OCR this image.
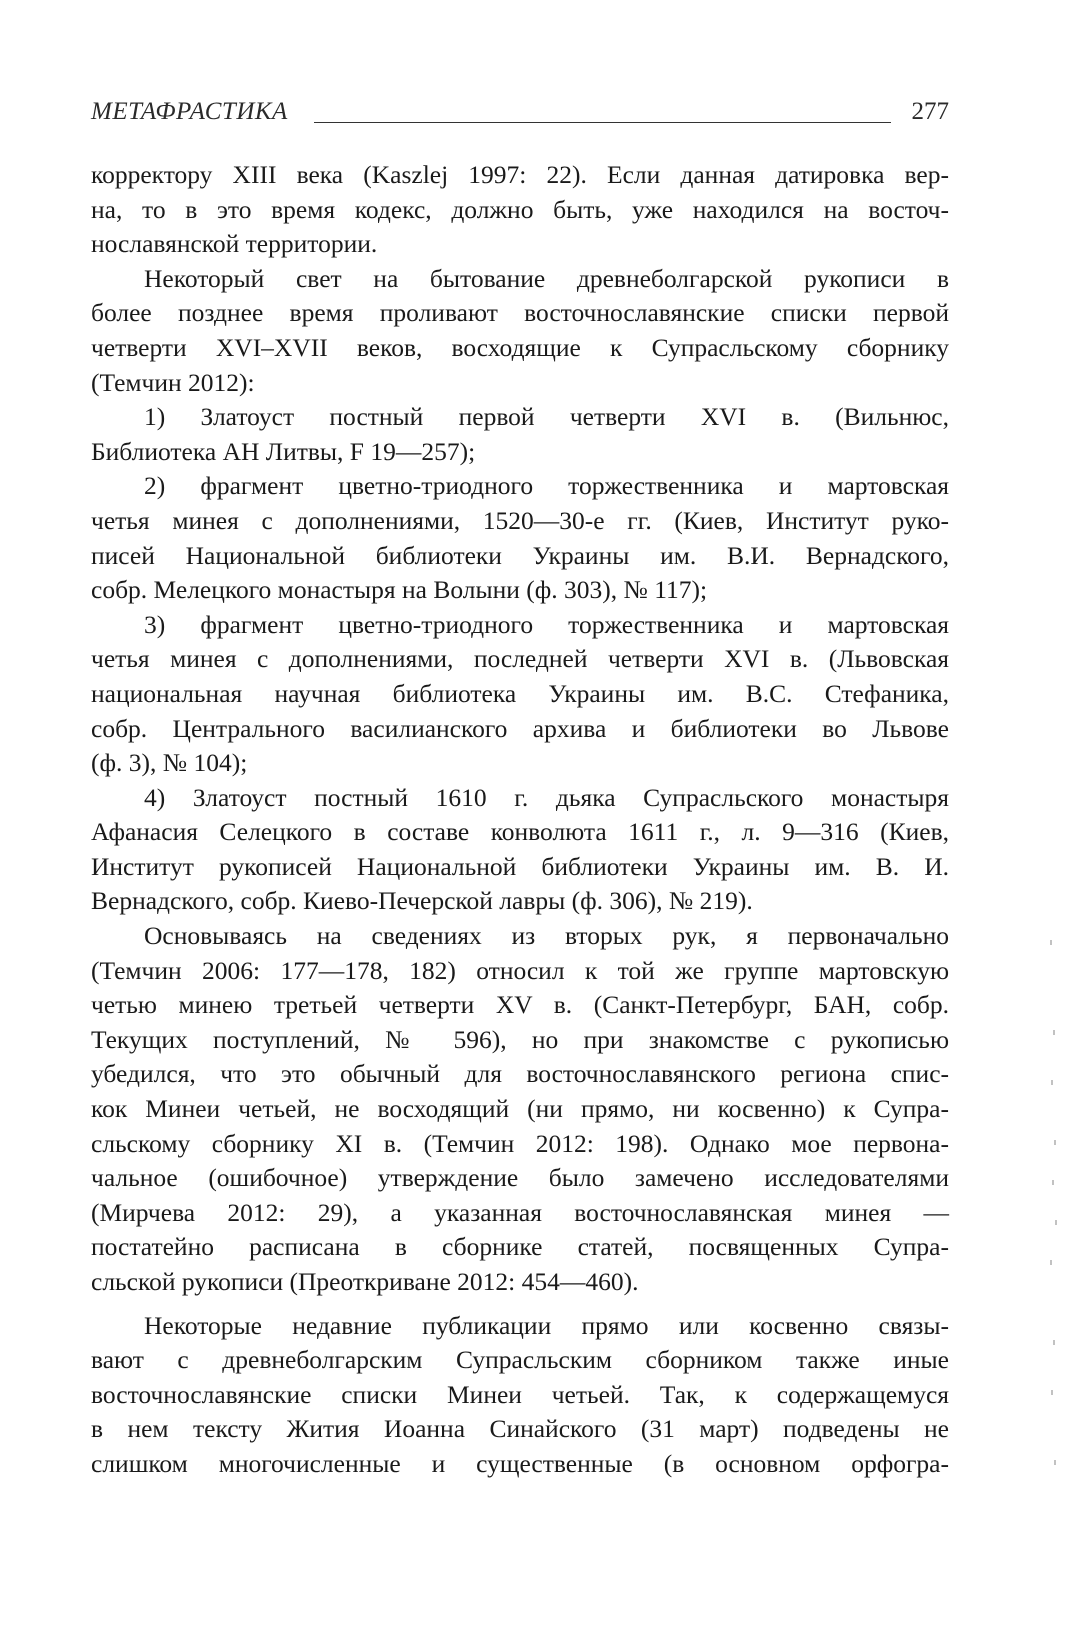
МЕТАФРАСТИКА	277
корректору XIII века (Kaszlej 1997: 22). Если данная датировка вер-
на, то в это время кодекс, должно быть, уже находился на восточ-
нославянской территории.
Некоторый свет на бытование древнеболгарской рукописи в
более позднее время проливают восточнославянские списки первой
четверти XVI–XVII веков, восходящие к Супрасльскому сборнику
(Темчин 2012):
1) Златоуст постный первой четверти XVI в. (Вильнюс,
Библиотека АН Литвы, F 19—257);
2) фрагмент цветно-триодного торжественника и мартовская
четья минея с дополнениями, 1520—30-е гг. (Киев, Институт руко-
писей Национальной библиотеки Украины им. В.И. Вернадского,
собр. Мелецкого монастыря на Волыни (ф. 303), № 117);
3) фрагмент цветно-триодного торжественника и мартовская
четья минея с дополнениями, последней четверти XVI в. (Львовская
национальная научная библиотека Украины им. В.С. Стефаника,
собр. Центрального василианского архива и библиотеки во Львове
(ф. 3), № 104);
4) Златоуст постный 1610 г. дьяка Супрасльского монастыря
Афанасия Селецкого в составе конволюта 1611 г., л. 9—316 (Киев,
Институт рукописей Национальной библиотеки Украины им. В. И.
Вернадского, собр. Киево-Печерской лавры (ф. 306), № 219).
Основываясь на сведениях из вторых рук, я первоначально
(Темчин 2006: 177—178, 182) относил к той же группе мартовскую
четью минею третьей четверти XV в. (Санкт-Петербург, БАН, собр.
Текущих поступлений, № 596), но при знакомстве с рукописью
убедился, что это обычный для восточнославянского региона спис-
кок Минеи четьей, не восходящий (ни прямо, ни косвенно) к Супра-
сльскому сборнику XI в. (Темчин 2012: 198). Однако мое первона-
чальное (ошибочное) утверждение было замечено исследователями
(Мирчева 2012: 29), а указанная восточнославянская минея —
постатейно расписана в сборнике статей, посвященных Супра-
сльской рукописи (Преоткриване 2012: 454—460).
Некоторые недавние публикации прямо или косвенно связы-
вают с древнеболгарским Супрасльским сборником также иные
восточнославянские списки Минеи четьей. Так, к содержащемуся
в нем тексту Жития Иоанна Синайского (31 март) подведены не
слишком многочисленные и существенные (в основном орфогра-
